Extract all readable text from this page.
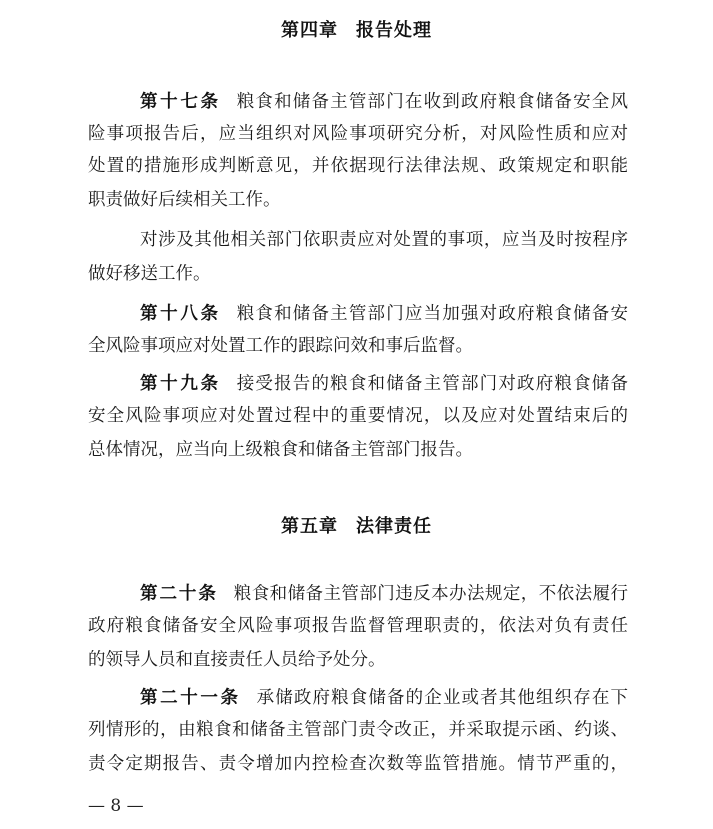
第四章 报告处理
第十七条 粮食和储备主管部门在收到政府粮食储备安全风
险事项报告后，应当组织对风险事项研究分析，对风险性质和应对
处置的措施形成判断意见，并依据现行法律法规、政策规定和职能
职责做好后续相关工作。
对涉及其他相关部门依职责应对处置的事项，应当及时按程序
做好移送工作。
第十八条 粮食和储备主管部门应当加强对政府粮食储备安
全风险事项应对处置工作的跟踪问效和事后监督。
第十九条 接受报告的粮食和储备主管部门对政府粮食储备
安全风险事项应对处置过程中的重要情况，以及应对处置结束后的
总体情况，应当向上级粮食和储备主管部门报告。
第五章 法律责任
第二十条 粮食和储备主管部门违反本办法规定，不依法履行
政府粮食储备安全风险事项报告监督管理职责的，依法对负有责任
的领导人员和直接责任人员给予处分。
第二十一条 承储政府粮食储备的企业或者其他组织存在下
列情形的，由粮食和储备主管部门责令改正，并采取提示函、约谈、
责令定期报告、责令增加内控检查次数等监管措施。情节严重的，
— 8 —
